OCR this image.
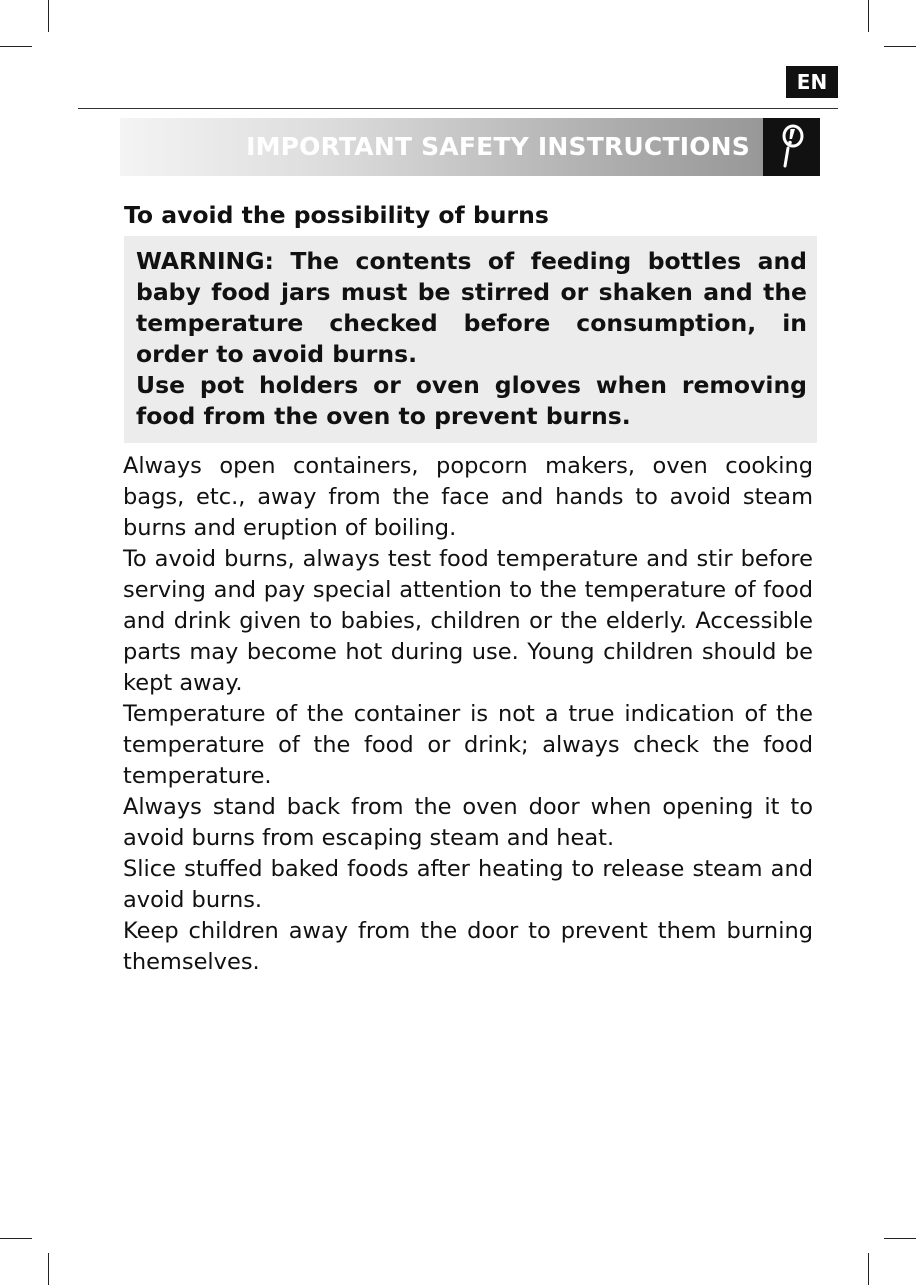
EN
IMPORTANT SAFETY INSTRUCTIONS
To avoid the possibility of burns

WARNING: The contents of feeding bottles and baby food jars must be stirred or shaken and the temperature checked before consumption, in order to avoid burns.

Use pot holders or oven gloves when removing food from the oven to prevent burns.

Always open containers, popcorn makers, oven cooking bags, etc., away from the face and hands to avoid steam burns and eruption of boiling.

To avoid burns, always test food temperature and stir before serving and pay special attention to the temperature of food and drink given to babies, children or the elderly. Accessible parts may become hot during use. Young children should be kept away.

Temperature of the container is not a true indication of the temperature of the food or drink; always check the food temperature.

Always stand back from the oven door when opening it to avoid burns from escaping steam and heat.

Slice stuffed baked foods after heating to release steam and avoid burns.

Keep children away from the door to prevent them burning themselves.
